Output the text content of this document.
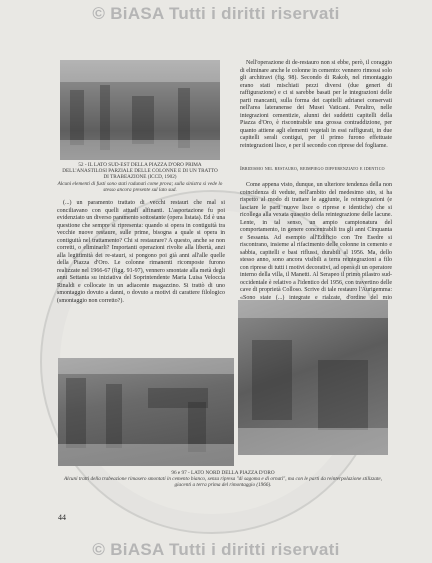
© BiASA Tutti i diritti riservati
52 - IL LATO SUD-EST DELLA PIAZZA D'ORO PRIMA
DELL'ANASTILOSI PARZIALE DELLE COLONNE E DI UN TRATTO
DI TRABEAZIONE (ICCD, 1902)
Alcuni elementi di fusti sono stati radunati come prova; sulla sinistra si vede lo stesso ancora presente sul lato sud.

(...) un paramento trattato di vecchi restauri che mal si conciliavano con quelli attuali alfinanti. L'asportazione fu poi evidenziato un diverso paramento sottostante (opera listata). Ed è una questione che sempre si ripresenta: quando si opera in contiguità tra vecchie nuove restaure, sulle prime, bisogna a quale si opera in contiguità nel trattamento? Chi si restaurare? A questo, anche se non corretti, o eliminarli? Importanti operazioni rivolte alla libertà, anzi alla legittimità dei re-stauri, si pongono poi già anni all'alle quelle della Piazza d'Oro. Le colonne rimanenti ricomposte furono realizzate nel 1966-67 (figg. 91-97), vennero smontate alla metà degli anni Settanta su iniziativa del Soprintendente Maria Luisa Veloccia Rinaldi e collocate in un adiacente magazzino. Si trattò di uno smontaggio dovuto a danni, o dovuto a motivi di carattere filologico (smontaggio non corretto?).

Nell'operazione di de-restauro non si ebbe, però, il coraggio di eliminare anche le colonne in cemento: vennero rimossi solo gli architravi (fig. 98). Secondo di Rakob, nel rimontaggio erano stati mischiati pezzi diversi (due generi di raffigurazione) e ci si sarebbe basati per le integrazioni delle parti mancanti, sulla forma dei capitelli adrianei conservati nell'area lateranense dei Musei Vaticani. Peraltro, nelle integrazioni cementizie, alunni dei suddetti capitelli della Piazza d'Oro, è riscontrabile una grossa contraddizione, per quanto attiene agli elementi vegetali in essi raffigurati, in due capitelli serali contigui, per il primo furono effettuate reintegrazioni lisce, e per il secondo con riprese del fogliame.

Ibridismo nel restauro, reimpiego differenziato e identico

Come appena visto, dunque, un ulteriore tendenza della non coincidenza di vedute, nell'ambito del medesimo sito, si ha rispetto al modo di trattare le aggiunte, le reintegrazioni (e lasciare le parti nuove lisce o riprese e identiche) che si ricollega alla vexata quaestio della reintegrazione delle lacune. Lente, in tal senso, un ampio campionatura del comportamento, in genere concentrabili tra gli anni Cinquanta e Sessanta. Ad esempio all'Edificio con Tre Esedre si riscontrano, insieme al rifacimento delle colonne in cemento e sabbia, capitelli e basi riflussi, durabili al 1956. Ma, dello stesso anno, sono ancora visibili a terra reintegrazioni a filo con riprese di tutti i motivi decorativi, ad opera di un operatore interno della villa, il Manetti. Al Serapeo il primo pilastro sud-occidentale è relativo a l'identico del 1956, con travertino delle cave di proprietà Colloso. Scrive di tale restauro l'Aurigemma: «Sono state (...) integrate e rialzate, d'ordine del mio

96 e 97 - LATO NORD DELLA PIAZZA D'ORO
Alcuni tratti della trabeazione rimasero smontati in cemento bianco, senza ripresa "di sagoma e di ornati", ma con le parti da reinterpolazione stilizzate, giacenti a terra prima del rimontaggio (1966).
44
© BiASA Tutti i diritti riservati
